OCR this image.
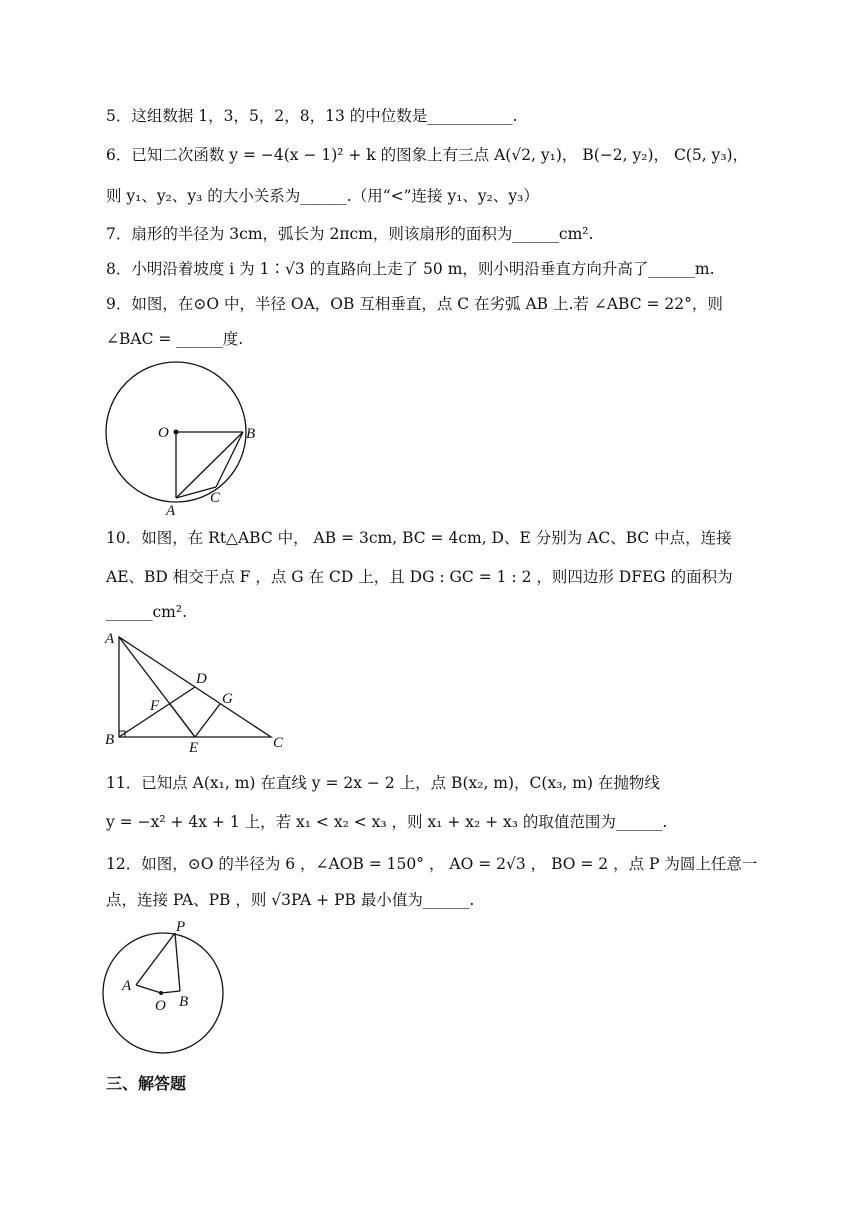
5．这组数据 1，3，5，2，8，13 的中位数是___________.
6．已知二次函数 y = −4(x − 1)² + k 的图象上有三点 A(√2, y₁)， B(−2, y₂)， C(5, y₃)，
则 y₁、y₂、y₃ 的大小关系为______.（用“<”连接 y₁、y₂、y₃）
7．扇形的半径为 3cm，弧长为 2πcm，则该扇形的面积为______cm².
8．小明沿着坡度 i 为 1∶√3 的直路向上走了 50 m，则小明沿垂直方向升高了______m.
9．如图，在⊙O 中，半径 OA，OB 互相垂直，点 C 在劣弧 AB 上.若 ∠ABC = 22°，则
∠BAC = ______度.
O	B
C
A
10．如图，在 Rt△ABC 中， AB = 3cm, BC = 4cm, D、E 分别为 AC、BC 中点，连接
AE、BD 相交于点 F ，点 G 在 CD 上，且 DG : GC = 1 : 2 ，则四边形 DFEG 的面积为
______cm².
A
D
G
F
B	E	C
11．已知点 A(x₁, m) 在直线 y = 2x − 2 上，点 B(x₂, m)，C(x₃, m) 在抛物线
y = −x² + 4x + 1 上，若 x₁ < x₂ < x₃ ，则 x₁ + x₂ + x₃ 的取值范围为______.
12．如图，⊙O 的半径为 6 ，∠AOB = 150° ， AO = 2√3 ， BO = 2 ，点 P 为圆上任意一
点，连接 PA、PB ，则 √3PA + PB 最小值为______.
P
A
O B
三、解答题
